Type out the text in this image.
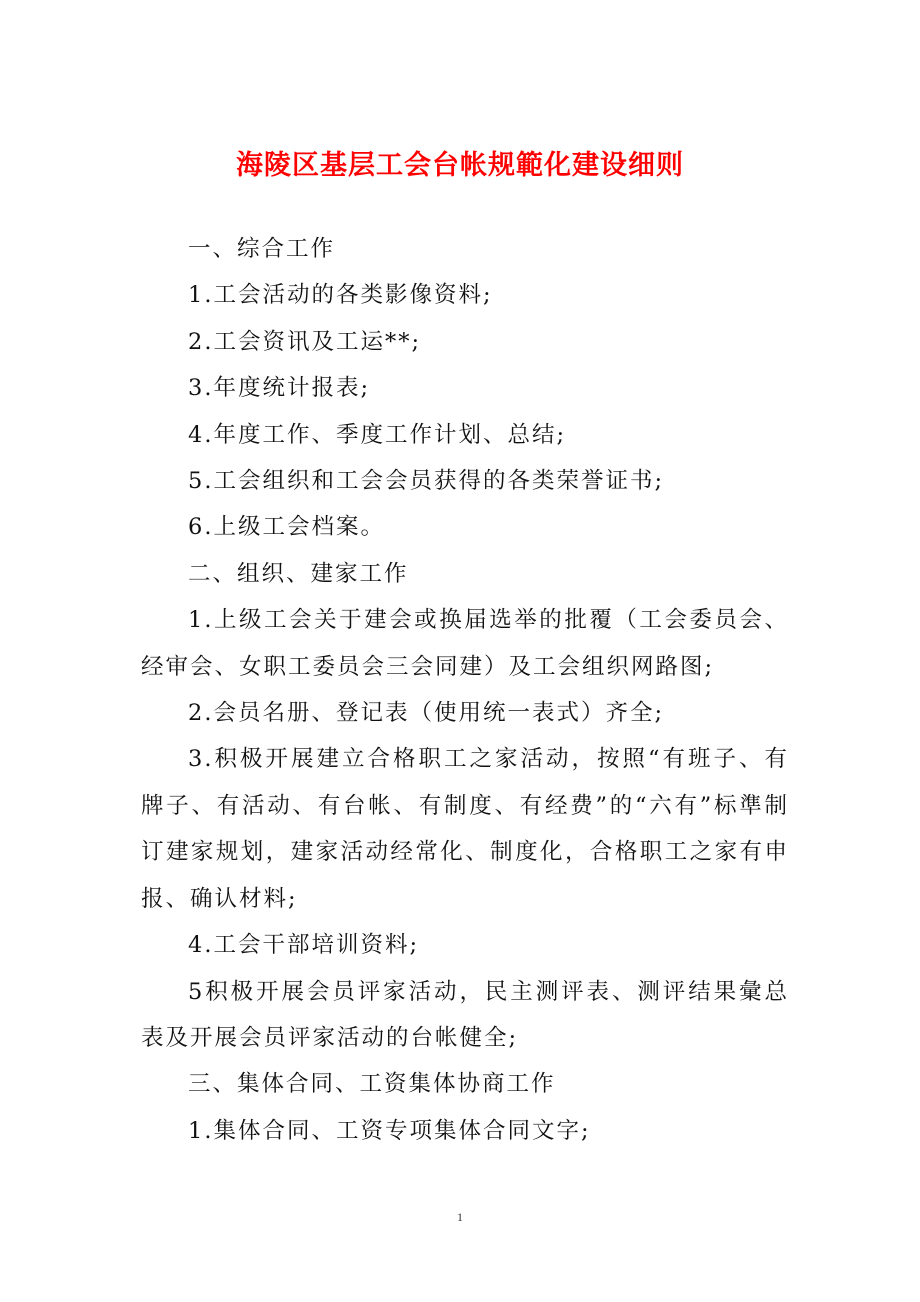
海陵区基层工会台帐规範化建设细则

一、综合工作

1.工会活动的各类影像资料;

2.工会资讯及工运**;

3.年度统计报表;

4.年度工作、季度工作计划、总结;

5.工会组织和工会会员获得的各类荣誉证书;

6.上级工会档案。

二、组织、建家工作

1.上级工会关于建会或换届选举的批覆（工会委员会、经审会、女职工委员会三会同建）及工会组织网路图;

2.会员名册、登记表（使用统一表式）齐全;

3.积极开展建立合格职工之家活动，按照“有班子、有牌子、有活动、有台帐、有制度、有经费”的“六有”标準制订建家规划，建家活动经常化、制度化，合格职工之家有申报、确认材料;

4.工会干部培训资料;

5积极开展会员评家活动，民主测评表、测评结果彙总表及开展会员评家活动的台帐健全;

三、集体合同、工资集体协商工作

1.集体合同、工资专项集体合同文字;

1
